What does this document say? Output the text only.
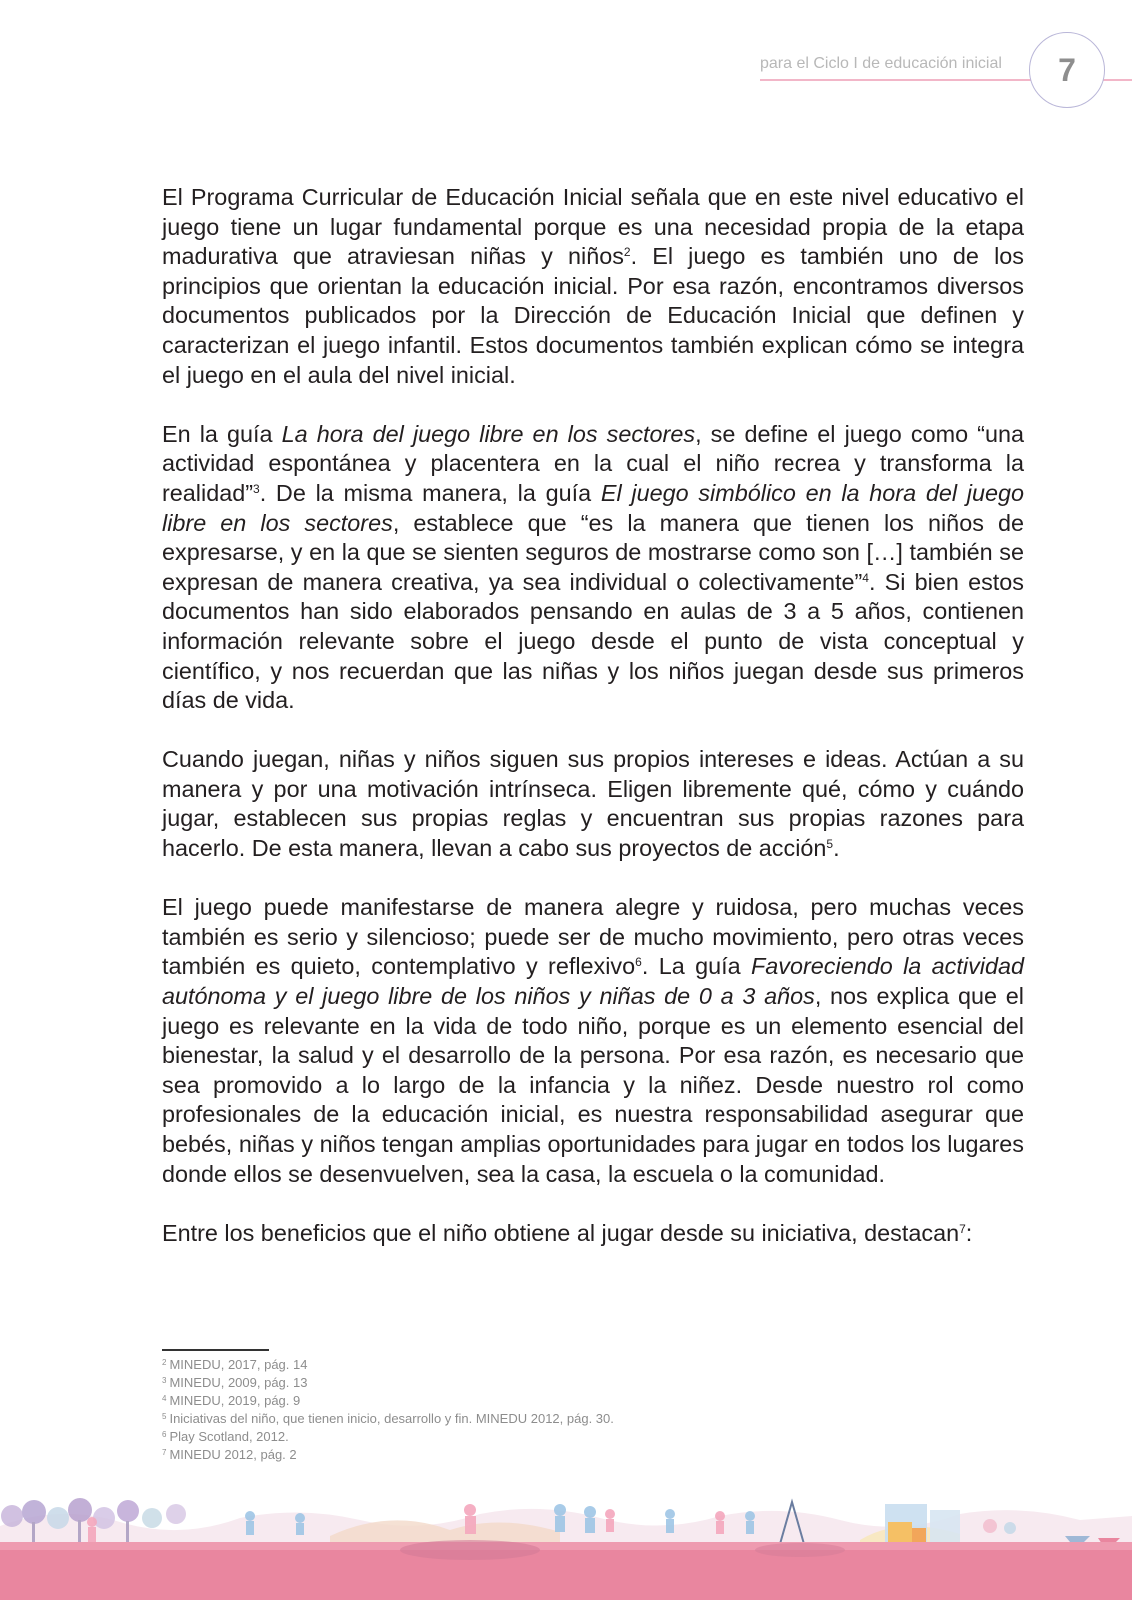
para el Ciclo I de educación inicial	7

El Programa Curricular de Educación Inicial señala que en este nivel educativo el juego tiene un lugar fundamental porque es una necesidad propia de la etapa madurativa que atraviesan niñas y niños$^2$. El juego es también uno de los principios que orientan la educación inicial. Por esa razón, encontramos diversos documentos publicados por la Dirección de Educación Inicial que definen y caracterizan el juego infantil. Estos documentos también explican cómo se integra el juego en el aula del nivel inicial.

En la guía La hora del juego libre en los sectores, se define el juego como “una actividad espontánea y placentera en la cual el niño recrea y transforma la realidad”$^3$. De la misma manera, la guía El juego simbólico en la hora del juego libre en los sectores, establece que “es la manera que tienen los niños de expresarse, y en la que se sienten seguros de mostrarse como son […] también se expresan de manera creativa, ya sea individual o colectivamente”$^4$. Si bien estos documentos han sido elaborados pensando en aulas de 3 a 5 años, contienen información relevante sobre el juego desde el punto de vista conceptual y científico, y nos recuerdan que las niñas y los niños juegan desde sus primeros días de vida.

Cuando juegan, niñas y niños siguen sus propios intereses e ideas. Actúan a su manera y por una motivación intrínseca. Eligen libremente qué, cómo y cuándo jugar, establecen sus propias reglas y encuentran sus propias razones para hacerlo. De esta manera, llevan a cabo sus proyectos de acción$^5$.

El juego puede manifestarse de manera alegre y ruidosa, pero muchas veces también es serio y silencioso; puede ser de mucho movimiento, pero otras veces también es quieto, contemplativo y reflexivo$^6$. La guía Favoreciendo la actividad autónoma y el juego libre de los niños y niñas de 0 a 3 años, nos explica que el juego es relevante en la vida de todo niño, porque es un elemento esencial del bienestar, la salud y el desarrollo de la persona. Por esa razón, es necesario que sea promovido a lo largo de la infancia y la niñez. Desde nuestro rol como profesionales de la educación inicial, es nuestra responsabilidad asegurar que bebés, niñas y niños tengan amplias oportunidades para jugar en todos los lugares donde ellos se desenvuelven, sea la casa, la escuela o la comunidad.

Entre los beneficios que el niño obtiene al jugar desde su iniciativa, destacan$^7$:

$^2$ MINEDU, 2017, pág. 14
$^3$ MINEDU, 2009, pág. 13
$^4$ MINEDU, 2019, pág. 9
$^5$ Iniciativas del niño, que tienen inicio, desarrollo y fin. MINEDU 2012, pág. 30.
$^6$ Play Scotland, 2012.
$^7$ MINEDU 2012, pág. 2
